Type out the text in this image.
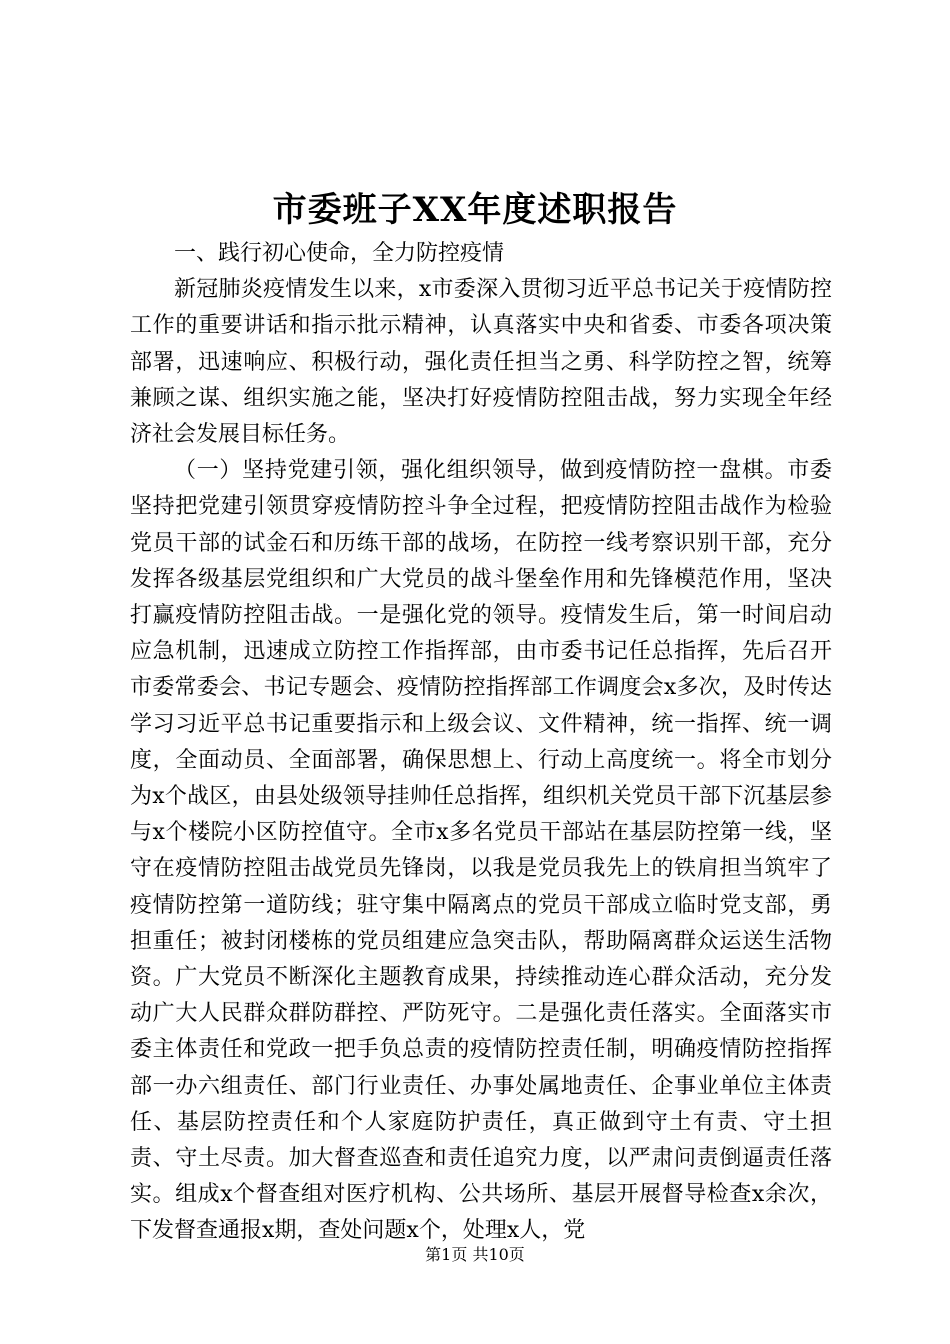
市委班子XX年度述职报告

一、践行初心使命，全力防控疫情

新冠肺炎疫情发生以来，x市委深入贯彻习近平总书记关于疫情防控工作的重要讲话和指示批示精神，认真落实中央和省委、市委各项决策部署，迅速响应、积极行动，强化责任担当之勇、科学防控之智，统筹兼顾之谋、组织实施之能，坚决打好疫情防控阻击战，努力实现全年经济社会发展目标任务。

（一）坚持党建引领，强化组织领导，做到疫情防控一盘棋。市委坚持把党建引领贯穿疫情防控斗争全过程，把疫情防控阻击战作为检验党员干部的试金石和历练干部的战场，在防控一线考察识别干部，充分发挥各级基层党组织和广大党员的战斗堡垒作用和先锋模范作用，坚决打赢疫情防控阻击战。一是强化党的领导。疫情发生后，第一时间启动应急机制，迅速成立防控工作指挥部，由市委书记任总指挥，先后召开市委常委会、书记专题会、疫情防控指挥部工作调度会x多次，及时传达学习习近平总书记重要指示和上级会议、文件精神，统一指挥、统一调度，全面动员、全面部署，确保思想上、行动上高度统一。将全市划分为x个战区，由县处级领导挂帅任总指挥，组织机关党员干部下沉基层参与x个楼院小区防控值守。全市x多名党员干部站在基层防控第一线，坚守在疫情防控阻击战党员先锋岗，以我是党员我先上的铁肩担当筑牢了疫情防控第一道防线；驻守集中隔离点的党员干部成立临时党支部，勇担重任；被封闭楼栋的党员组建应急突击队，帮助隔离群众运送生活物资。广大党员不断深化主题教育成果，持续推动连心群众活动，充分发动广大人民群众群防群控、严防死守。二是强化责任落实。全面落实市委主体责任和党政一把手负总责的疫情防控责任制，明确疫情防控指挥部一办六组责任、部门行业责任、办事处属地责任、企事业单位主体责任、基层防控责任和个人家庭防护责任，真正做到守土有责、守土担责、守土尽责。加大督查巡查和责任追究力度，以严肃问责倒逼责任落实。组成x个督查组对医疗机构、公共场所、基层开展督导检查x余次，下发督查通报x期，查处问题x个，处理x人，党

第1页 共10页
